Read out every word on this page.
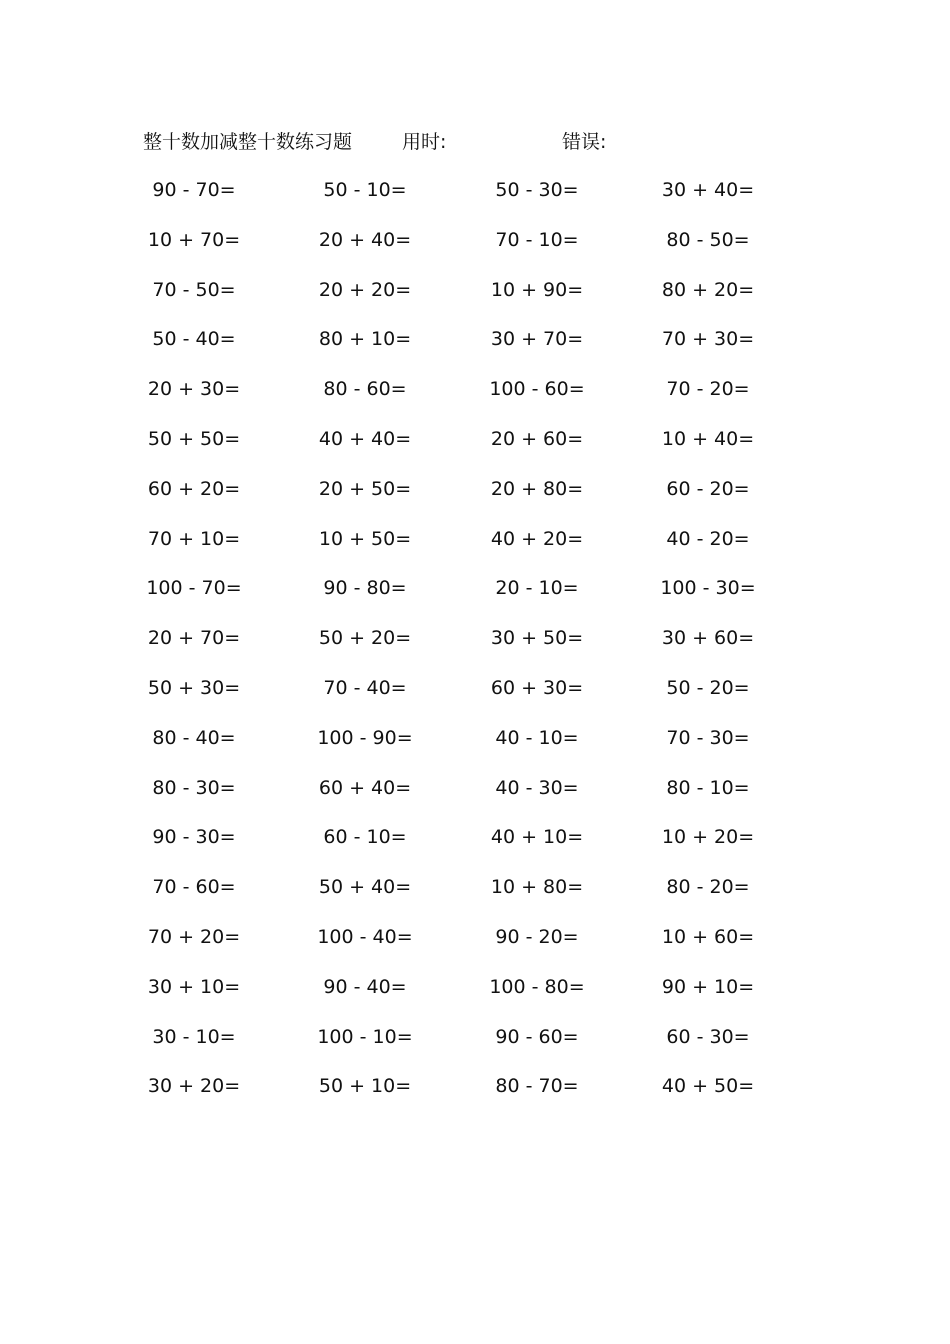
整十数加减整十数练习题	用时:	错误:
90 - 70=	50 - 10=	50 - 30=	30 + 40=
10 + 70=	20 + 40=	70 - 10=	80 - 50=
70 - 50=	20 + 20=	10 + 90=	80 + 20=
50 - 40=	80 + 10=	30 + 70=	70 + 30=
20 + 30=	80 - 60=	100 - 60=	70 - 20=
50 + 50=	40 + 40=	20 + 60=	10 + 40=
60 + 20=	20 + 50=	20 + 80=	60 - 20=
70 + 10=	10 + 50=	40 + 20=	40 - 20=
100 - 70=	90 - 80=	20 - 10=	100 - 30=
20 + 70=	50 + 20=	30 + 50=	30 + 60=
50 + 30=	70 - 40=	60 + 30=	50 - 20=
80 - 40=	100 - 90=	40 - 10=	70 - 30=
80 - 30=	60 + 40=	40 - 30=	80 - 10=
90 - 30=	60 - 10=	40 + 10=	10 + 20=
70 - 60=	50 + 40=	10 + 80=	80 - 20=
70 + 20=	100 - 40=	90 - 20=	10 + 60=
30 + 10=	90 - 40=	100 - 80=	90 + 10=
30 - 10=	100 - 10=	90 - 60=	60 - 30=
30 + 20=	50 + 10=	80 - 70=	40 + 50=
